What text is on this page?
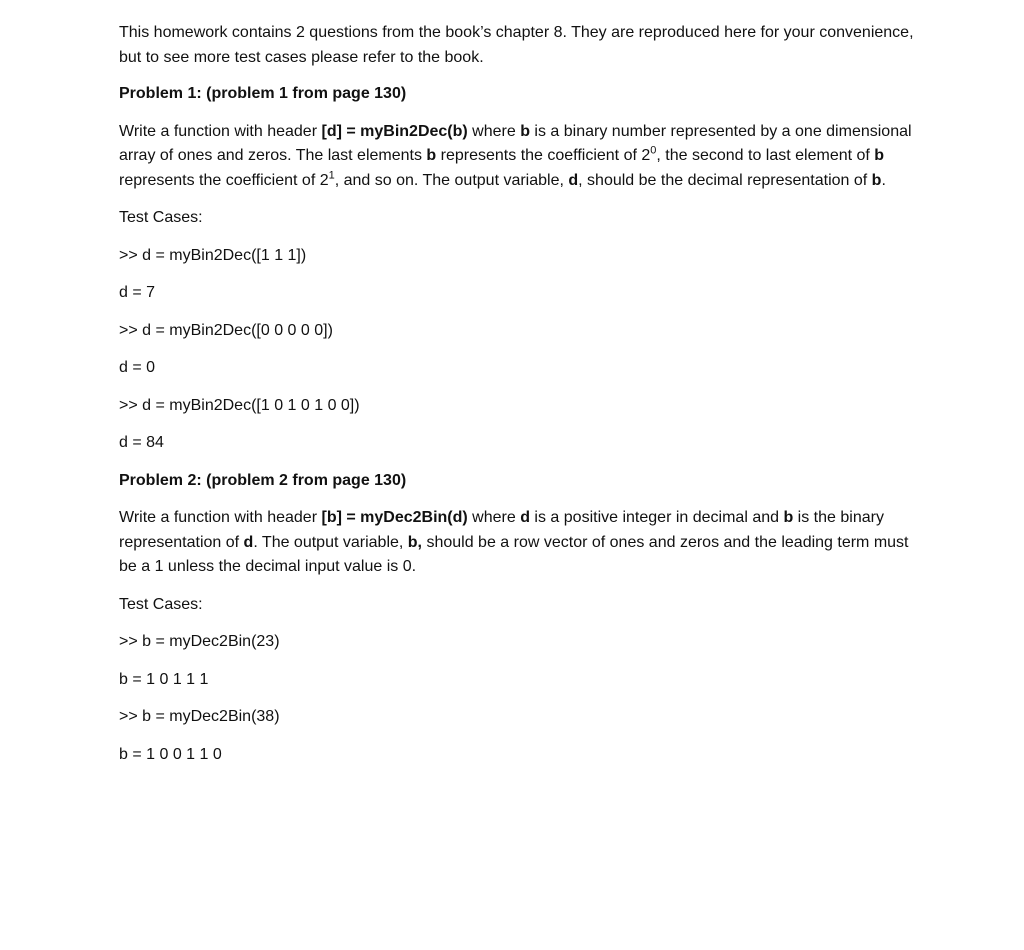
This homework contains 2 questions from the book’s chapter 8. They are reproduced here for your convenience, but to see more test cases please refer to the book.

Problem 1: (problem 1 from page 130)

Write a function with header [d] = myBin2Dec(b) where b is a binary number represented by a one dimensional array of ones and zeros. The last elements b represents the coefficient of $2^0$, the second to last element of b represents the coefficient of $2^1$, and so on. The output variable, d, should be the decimal representation of b.

Test Cases:

>> d = myBin2Dec([1 1 1])

d = 7

>> d = myBin2Dec([0 0 0 0 0])

d = 0

>> d = myBin2Dec([1 0 1 0 1 0 0])

d = 84

Problem 2: (problem 2 from page 130)

Write a function with header [b] = myDec2Bin(d) where d is a positive integer in decimal and b is the binary representation of d. The output variable, b, should be a row vector of ones and zeros and the leading term must be a 1 unless the decimal input value is 0.

Test Cases:

>> b = myDec2Bin(23)

b = 1 0 1 1 1

>> b = myDec2Bin(38)

b = 1 0 0 1 1 0
